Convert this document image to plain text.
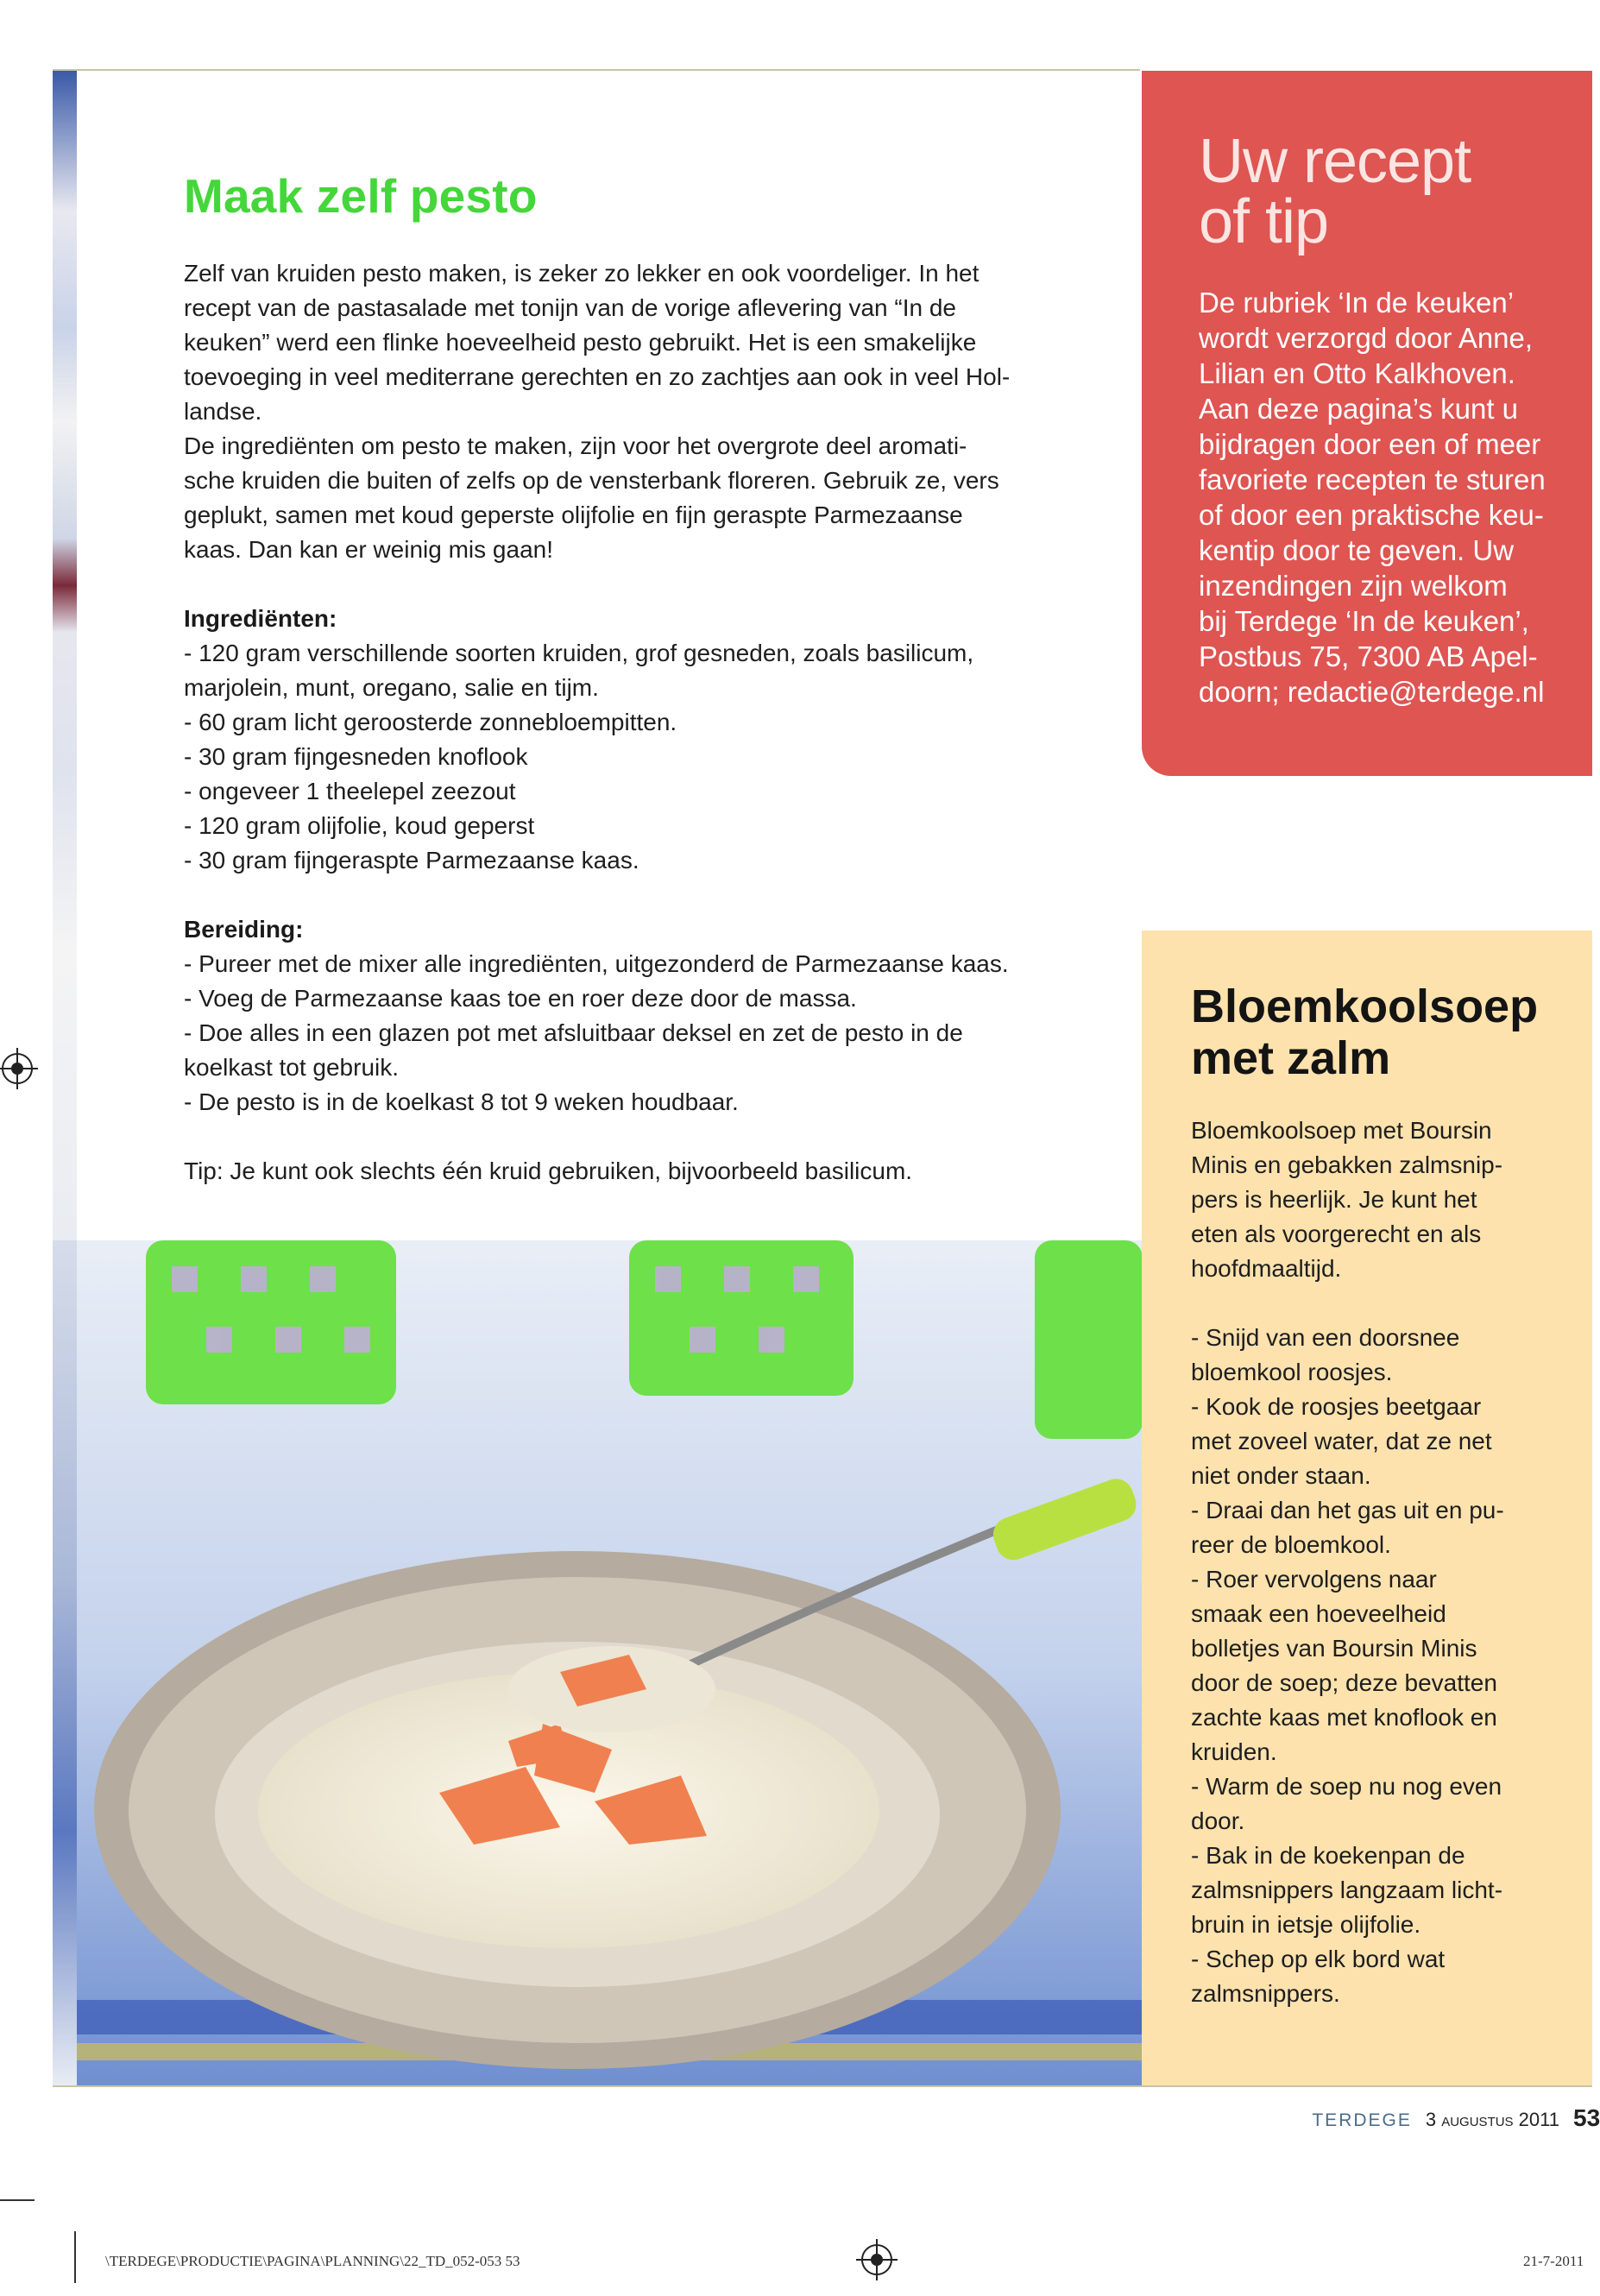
Maak zelf pesto
Zelf van kruiden pesto maken, is zeker zo lekker en ook voordeliger. In het
recept van de pastasalade met tonijn van de vorige aflevering van “In de
keuken” werd een flinke hoeveelheid pesto gebruikt. Het is een smakelijke
toevoeging in veel mediterrane gerechten en zo zachtjes aan ook in veel Hol-
landse.
De ingrediënten om pesto te maken, zijn voor het overgrote deel aromati-
sche kruiden die buiten of zelfs op de vensterbank floreren. Gebruik ze, vers
geplukt, samen met koud geperste olijfolie en fijn geraspte Parmezaanse
kaas. Dan kan er weinig mis gaan!
Ingrediënten:
- 120 gram verschillende soorten kruiden, grof gesneden, zoals basilicum,
marjolein, munt, oregano, salie en tijm.
- 60 gram licht geroosterde zonnebloempitten.
- 30 gram fijngesneden knoflook
- ongeveer 1 theelepel zeezout
- 120 gram olijfolie, koud geperst
- 30 gram fijngeraspte Parmezaanse kaas.
Bereiding:
- Pureer met de mixer alle ingrediënten, uitgezonderd de Parmezaanse kaas.
- Voeg de Parmezaanse kaas toe en roer deze door de massa.
- Doe alles in een glazen pot met afsluitbaar deksel en zet de pesto in de
koelkast tot gebruik.
- De pesto is in de koelkast 8 tot 9 weken houdbaar.
Tip: Je kunt ook slechts één kruid gebruiken, bijvoorbeeld basilicum.
Uw recept
of tip
De rubriek ‘In de keuken’
wordt verzorgd door Anne,
Lilian en Otto Kalkhoven.
Aan deze pagina’s kunt u
bijdragen door een of meer
favoriete recepten te sturen
of door een praktische keu-
kentip door te geven. Uw
inzendingen zijn welkom
bij Terdege ‘In de keuken’,
Postbus 75, 7300 AB Apel-
doorn; redactie@terdege.nl
Bloemkoolsoep
met zalm
Bloemkoolsoep met Boursin
Minis en gebakken zalmsnip-
pers is heerlijk. Je kunt het
eten als voorgerecht en als
hoofdmaaltijd.
- Snijd van een doorsnee
bloemkool roosjes.
- Kook de roosjes beetgaar
met zoveel water, dat ze net
niet onder staan.
- Draai dan het gas uit en pu-
reer de bloemkool.
- Roer vervolgens naar
smaak een hoeveelheid
bolletjes van Boursin Minis
door de soep; deze bevatten
zachte kaas met knoflook en
kruiden.
- Warm de soep nu nog even
door.
- Bak in de koekenpan de
zalmsnippers langzaam licht-
bruin in ietsje olijfolie.
- Schep op elk bord wat
zalmsnippers.
TERDEGE 3 augustus 2011 53
\TERDEGE\PRODUCTIE\PAGINA\PLANNING\22_TD_052-053 53	21-7-2011
